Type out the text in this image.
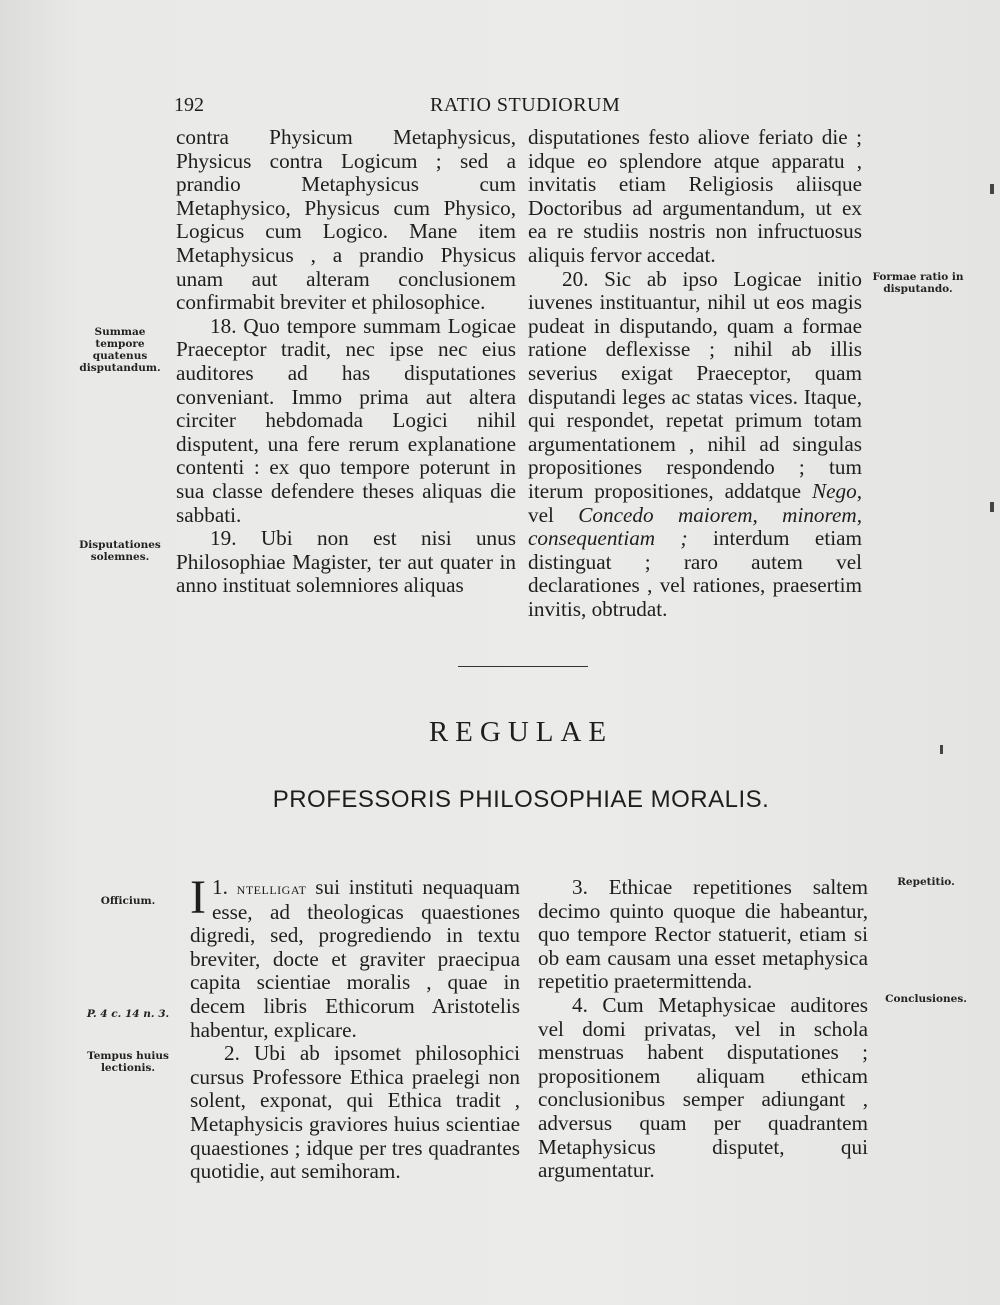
192	RATIO STUDIORUM

contra Physicum Metaphysicus, Physicus contra Logicum ; sed a prandio Metaphysicus cum Metaphysico, Physicus cum Physico, Logicus cum Logico. Mane item Metaphysicus , a prandio Physicus unam aut alteram conclusionem confirmabit breviter et philosophice.

18. Quo tempore summam Logicae Praeceptor tradit, nec ipse nec eius auditores ad has disputationes conveniant. Immo prima aut altera circiter hebdomada Logici nihil disputent, una fere rerum explanatione contenti : ex quo tempore poterunt in sua classe defendere theses aliquas die sabbati.

19. Ubi non est nisi unus Philosophiae Magister, ter aut quater in anno instituat solemniores aliquas

disputationes festo aliove feriato die ; idque eo splendore atque apparatu , invitatis etiam Religiosis aliisque Doctoribus ad argumentandum, ut ex ea re studiis nostris non infructuosus aliquis fervor accedat.

20. Sic ab ipso Logicae initio iuvenes instituantur, nihil ut eos magis pudeat in disputando, quam a formae ratione deflexisse ; nihil ab illis severius exigat Praeceptor, quam disputandi leges ac statas vices. Itaque, qui respondet, repetat primum totam argumentationem , nihil ad singulas propositiones respondendo ; tum iterum propositiones, addatque Nego, vel Concedo maiorem, minorem, consequentiam ; interdum etiam distinguat ; raro autem vel declarationes , vel rationes, praesertim invitis, obtrudat.

REGULAE
PROFESSORIS PHILOSOPHIAE MORALIS.

1.
I ntelligat sui instituti nequaquam esse, ad theologicas quaestiones digredi, sed, progrediendo in textu breviter, docte et graviter praecipua capita scientiae moralis , quae in decem libris Ethicorum Aristotelis habentur, explicare.

2. Ubi ab ipsomet philosophici cursus Professore Ethica praelegi non solent, exponat, qui Ethica tradit , Metaphysicis graviores huius scientiae quaestiones ; idque per tres quadrantes quotidie, aut semihoram.

3. Ethicae repetitiones saltem decimo quinto quoque die habeantur, quo tempore Rector statuerit, etiam si ob eam causam una esset metaphysica repetitio praetermittenda.

4. Cum Metaphysicae auditores vel domi privatas, vel in schola menstruas habent disputationes ; propositionem aliquam ethicam conclusionibus semper adiungant , adversus quam per quadrantem Metaphysicus disputet, qui argumentatur.

Summae tempore quatenus disputandum.
Disputationes solemnes.
Formae ratio in disputando.
Officium.
P. 4 c. 14 n. 3.
Tempus huius lectionis.
Repetitio.
Conclusiones.
